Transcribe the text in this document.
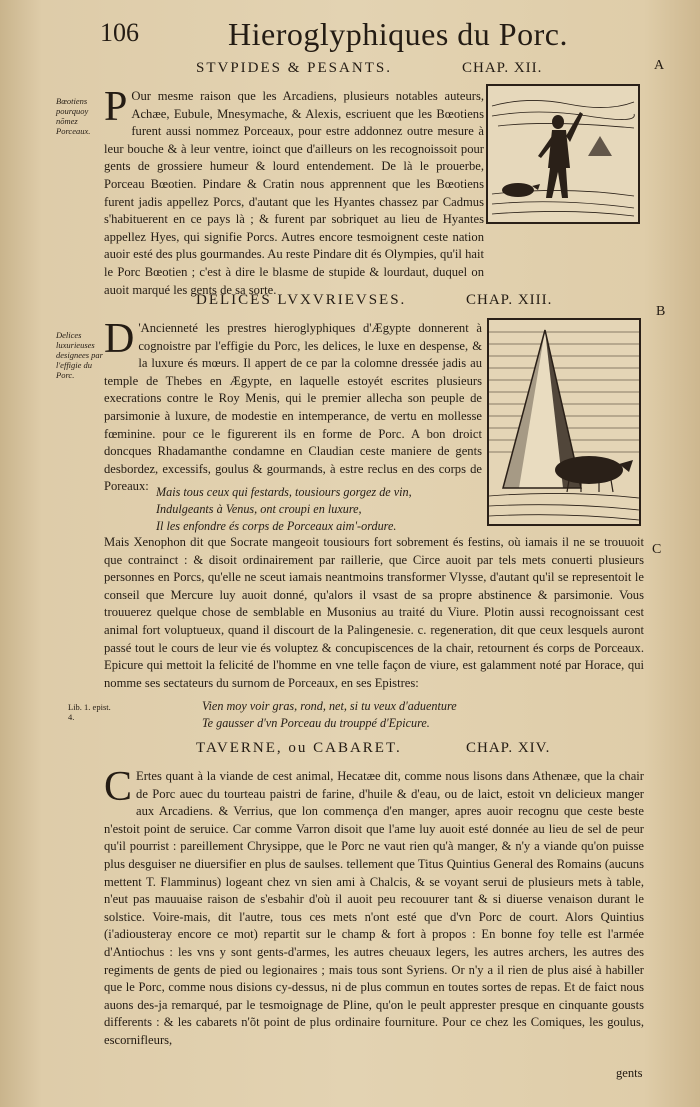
106	Hieroglyphiques du Porc.
STVPIDES & PESANTS.	CHAP. XII.	A
Bœotiens pourquoy nõmez Porceaux.
P Our mesme raison que les Arcadiens, plusieurs notables auteurs, Achæe, Eubule, Mnesymache, & Alexis, escriuent que les Bœotiens furent aussi nommez Porceaux, pour estre addonnez outre mesure à leur bouche & à leur ventre, ioinct que d'ailleurs on les recognoissoit pour gents de grossiere humeur & lourd entendement. De là le prouerbe, Porceau Bœotien. Pindare & Cratin nous apprennent que les Bœotiens furent jadis appellez Porcs, d'autant que les Hyantes chassez par Cadmus s'habituerent en ce pays là ; & furent par sobriquet au lieu de Hyantes appellez Hyes, qui signifie Porcs. Autres encore tesmoignent ceste nation auoir esté des plus gourmandes. Au reste Pindare dit és Olympies, qu'il hait le Porc Bœotien ; c'est à dire le blasme de stupide & lourdaut, duquel on auoit marqué les gents de sa sorte.
DELICES LVXVRIEVSES.	CHAP. XIII.
B
Delices luxurieuses designees par l'effigie du Porc.
D 'Ancienneté les prestres hieroglyphiques d'Ægypte donnerent à cognoistre par l'effigie du Porc, les delices, le luxe en despense, & la luxure és mœurs. Il appert de ce par la colomne dressée jadis au temple de Thebes en Ægypte, en laquelle estoyét escrites plusieurs execrations contre le Roy Menis, qui le premier allecha son peuple de parsimonie à luxure, de modestie en intemperance, de vertu en mollesse fœminine. pour ce le figurerent ils en forme de Porc. A bon droict doncques Rhadamanthe condamne en Claudian ceste maniere de gents desbordez, excessifs, goulus & gourmands, à estre reclus en des corps de Poreaux: Mais tous ceux qui festards, tousiours gorgez de vin,
Indulgeants à Venus, ont croupi en luxure,
Il les enfondre és corps de Porceaux aim'-ordure.
Mais Xenophon dit que Socrate mangeoit tousiours fort sobrement és festins, où iamais il ne se trouuoit que contrainct : & disoit ordinairement par raillerie, que Circe auoit par tels mets conuerti plusieurs personnes en Porcs, qu'elle ne sceut iamais neantmoins transformer Vlysse, d'autant qu'il se representoit le conseil que Mercure luy auoit donné, qu'alors il vsast de sa propre abstinence & parsimonie. Vous trouuerez quelque chose de semblable en Musonius au traité du Viure. Plotin aussi recognoissant cest animal fort voluptueux, quand il discourt de la Palingenesie. c. regeneration, dit que ceux lesquels auront passé tout le cours de leur vie és voluptez & concupiscences de la chair, retournent és corps de Porceaux. Epicure qui mettoit la felicité de l'homme en vne telle façon de viure, est galamment noté par Horace, qui nomme ses sectateurs du surnom de Porceaux, en ses Epistres:
C
Lib. 1. epist. 4.
Vien moy voir gras, rond, net, si tu veux d'aduenture
Te gausser d'vn Porceau du trouppé d'Epicure.
TAVERNE, ou CABARET.	CHAP. XIV.
C Ertes quant à la viande de cest animal, Hecatæe dit, comme nous lisons dans Athenæe, que la chair de Porc auec du tourteau paistri de farine, d'huile & d'eau, ou de laict, estoit vn delicieux manger aux Arcadiens. & Verrius, que lon commença d'en manger, apres auoir recognu que ceste beste n'estoit point de seruice. Car comme Varron disoit que l'ame luy auoit esté donnée au lieu de sel de peur qu'il pourrist : pareillement Chrysippe, que le Porc ne vaut rien qu'à manger, & n'y a viande qu'on puisse plus desguiser ne diuersifier en plus de saulses. tellement que Titus Quintius General des Romains (aucuns mettent T. Flamminus) logeant chez vn sien ami à Chalcis, & se voyant serui de plusieurs mets à table, n'eut pas mauuaise raison de s'esbahir d'où il auoit peu recouurer tant & si diuerse venaison durant le solstice. Voire-mais, dit l'autre, tous ces mets n'ont esté que d'vn Porc de court. Alors Quintius (i'adiousteray encore ce mot) repartit sur le champ & fort à propos : En bonne foy telle est l'armée d'Antiochus : les vns y sont gents-d'armes, les autres cheuaux legers, les autres archers, les autres des regiments de gents de pied ou legionaires ; mais tous sont Syriens. Or n'y a il rien de plus aisé à habiller que le Porc, comme nous disions cy-dessus, ni de plus commun en toutes sortes de repas. Et de faict nous auons des-ja remarqué, par le tesmoignage de Pline, qu'on le peult apprester presque en cinquante gousts differents : & les cabarets n'õt point de plus ordinaire fourniture. Pour ce chez les Comiques, les goulus, escornifleurs,
gents
